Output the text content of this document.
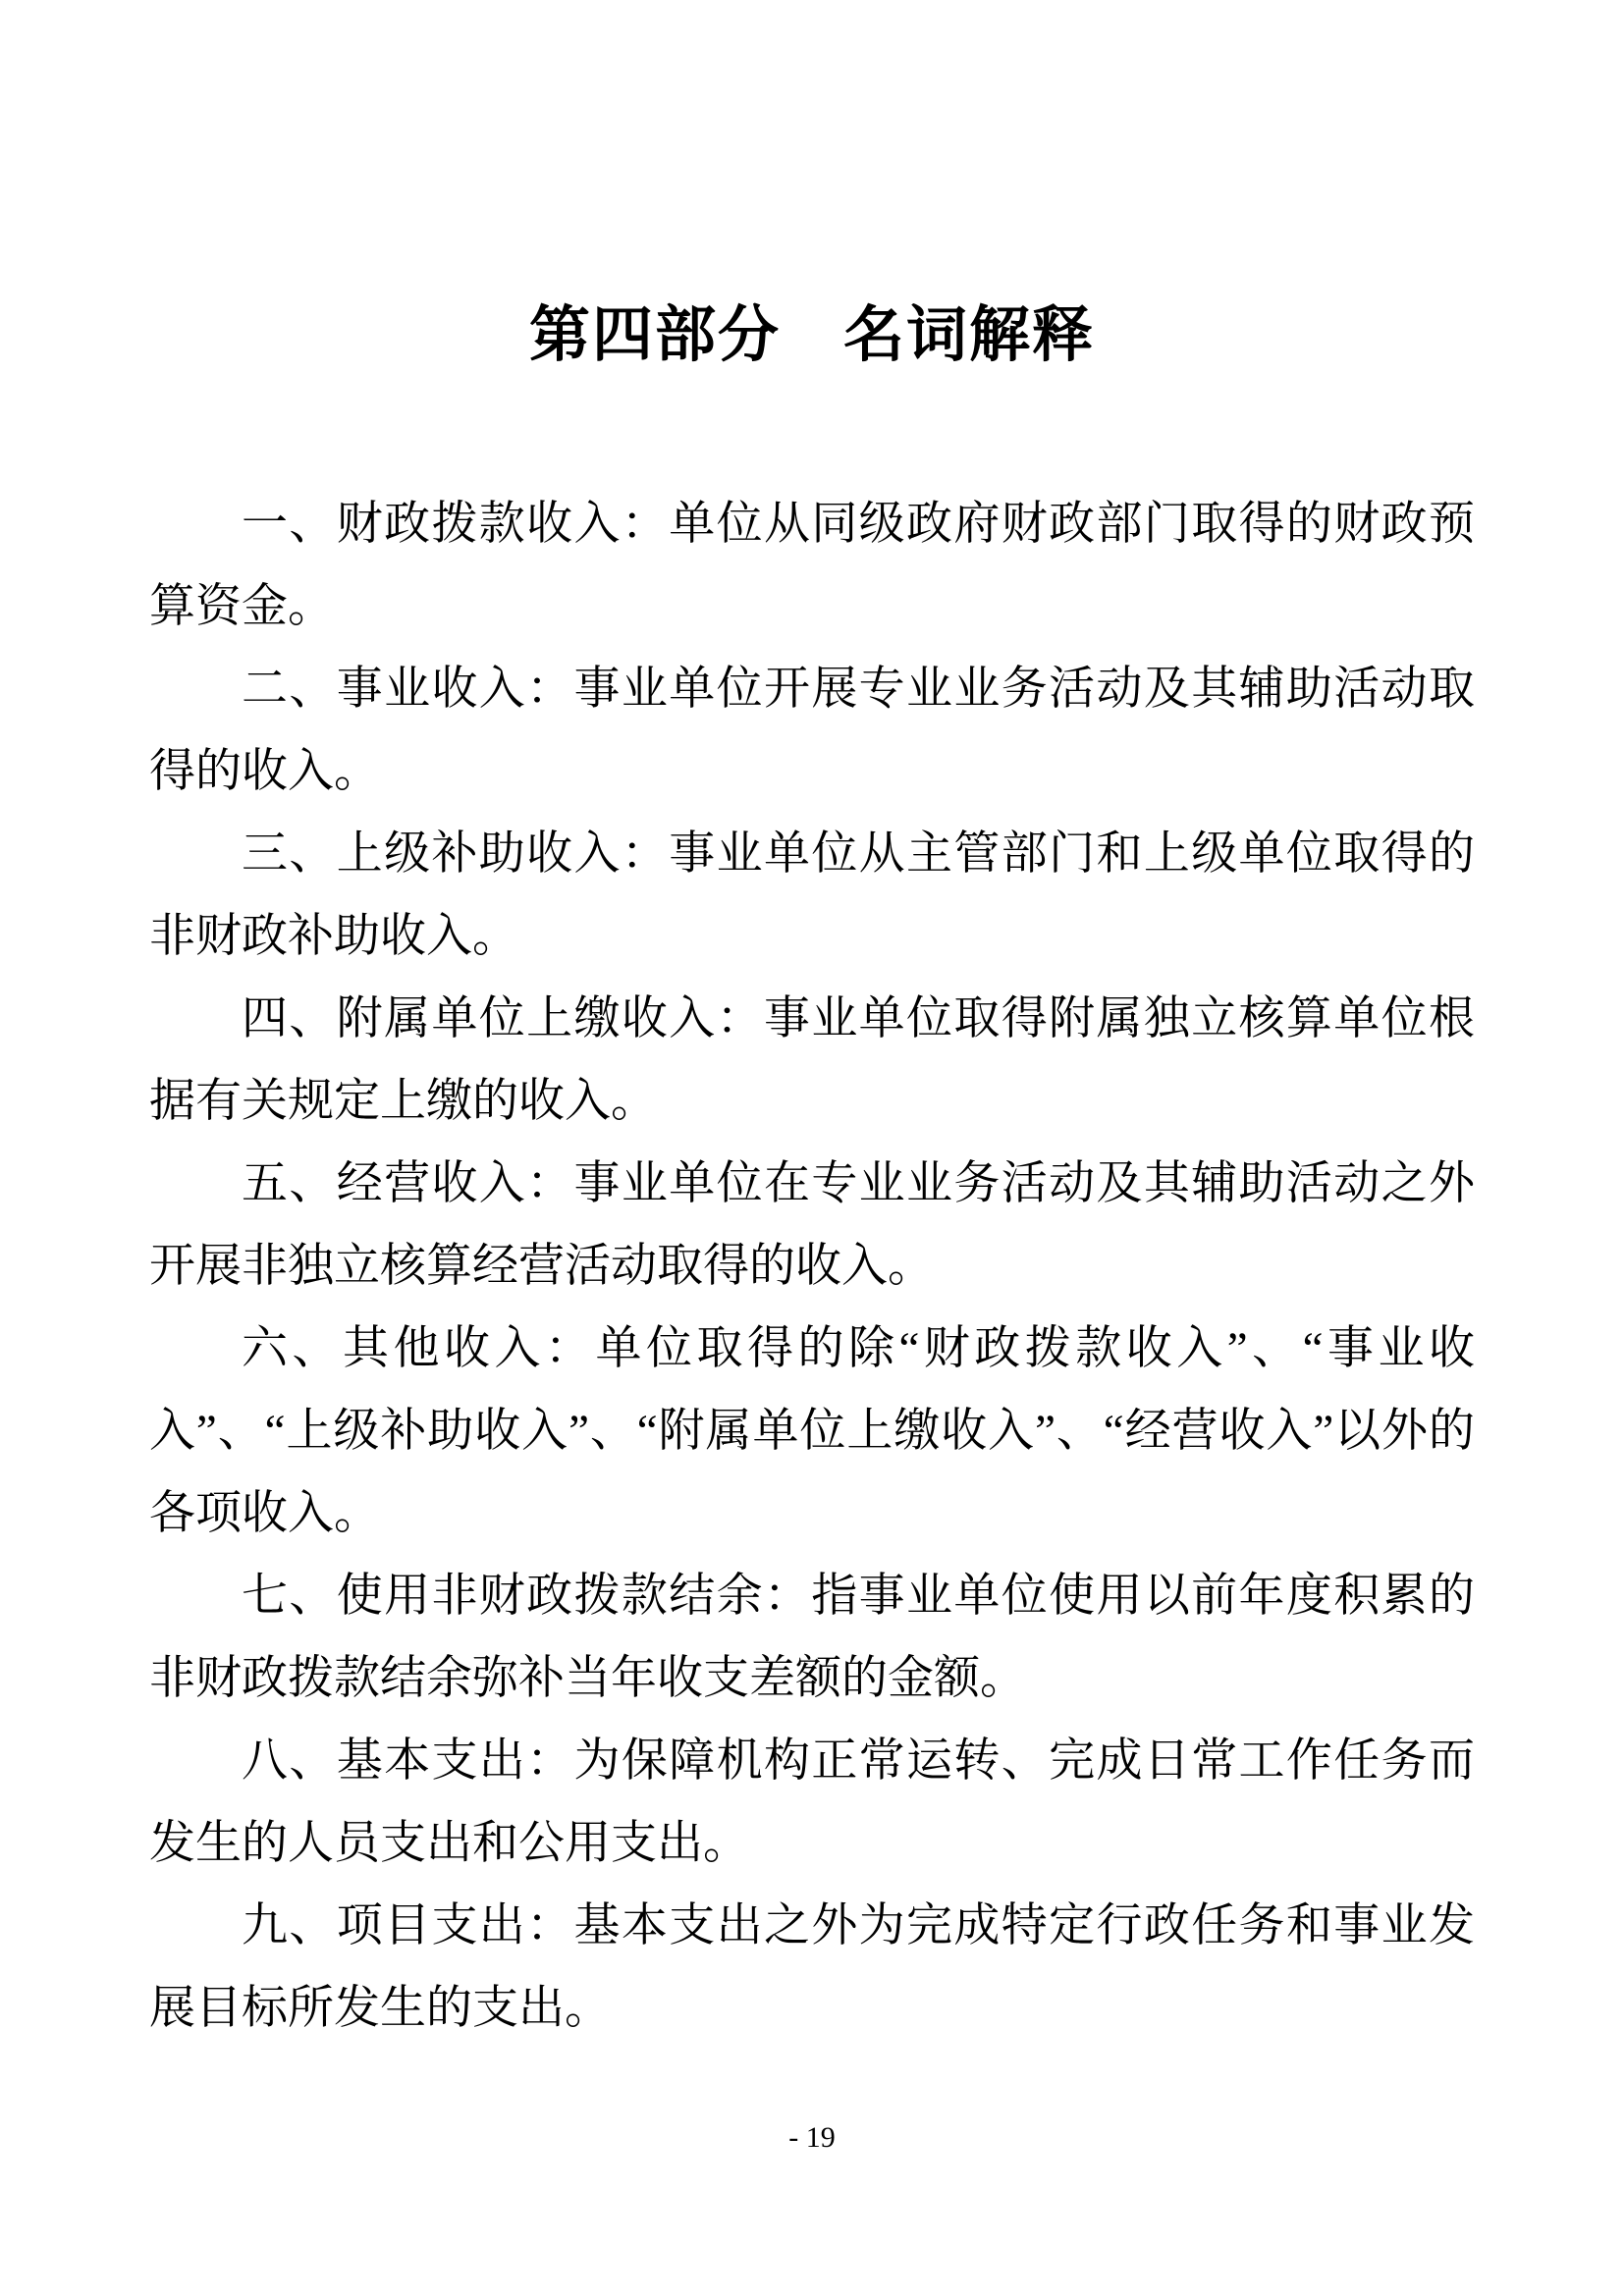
第四部分　名词解释

一、财政拨款收入：单位从同级政府财政部门取得的财政预算资金。

二、事业收入：事业单位开展专业业务活动及其辅助活动取得的收入。

三、上级补助收入：事业单位从主管部门和上级单位取得的非财政补助收入。

四、附属单位上缴收入：事业单位取得附属独立核算单位根据有关规定上缴的收入。

五、经营收入：事业单位在专业业务活动及其辅助活动之外开展非独立核算经营活动取得的收入。

六、其他收入：单位取得的除“财政拨款收入”、“事业收入”、“上级补助收入”、“附属单位上缴收入”、“经营收入”以外的各项收入。

七、使用非财政拨款结余：指事业单位使用以前年度积累的非财政拨款结余弥补当年收支差额的金额。

八、基本支出：为保障机构正常运转、完成日常工作任务而发生的人员支出和公用支出。

九、项目支出：基本支出之外为完成特定行政任务和事业发展目标所发生的支出。

- 19
